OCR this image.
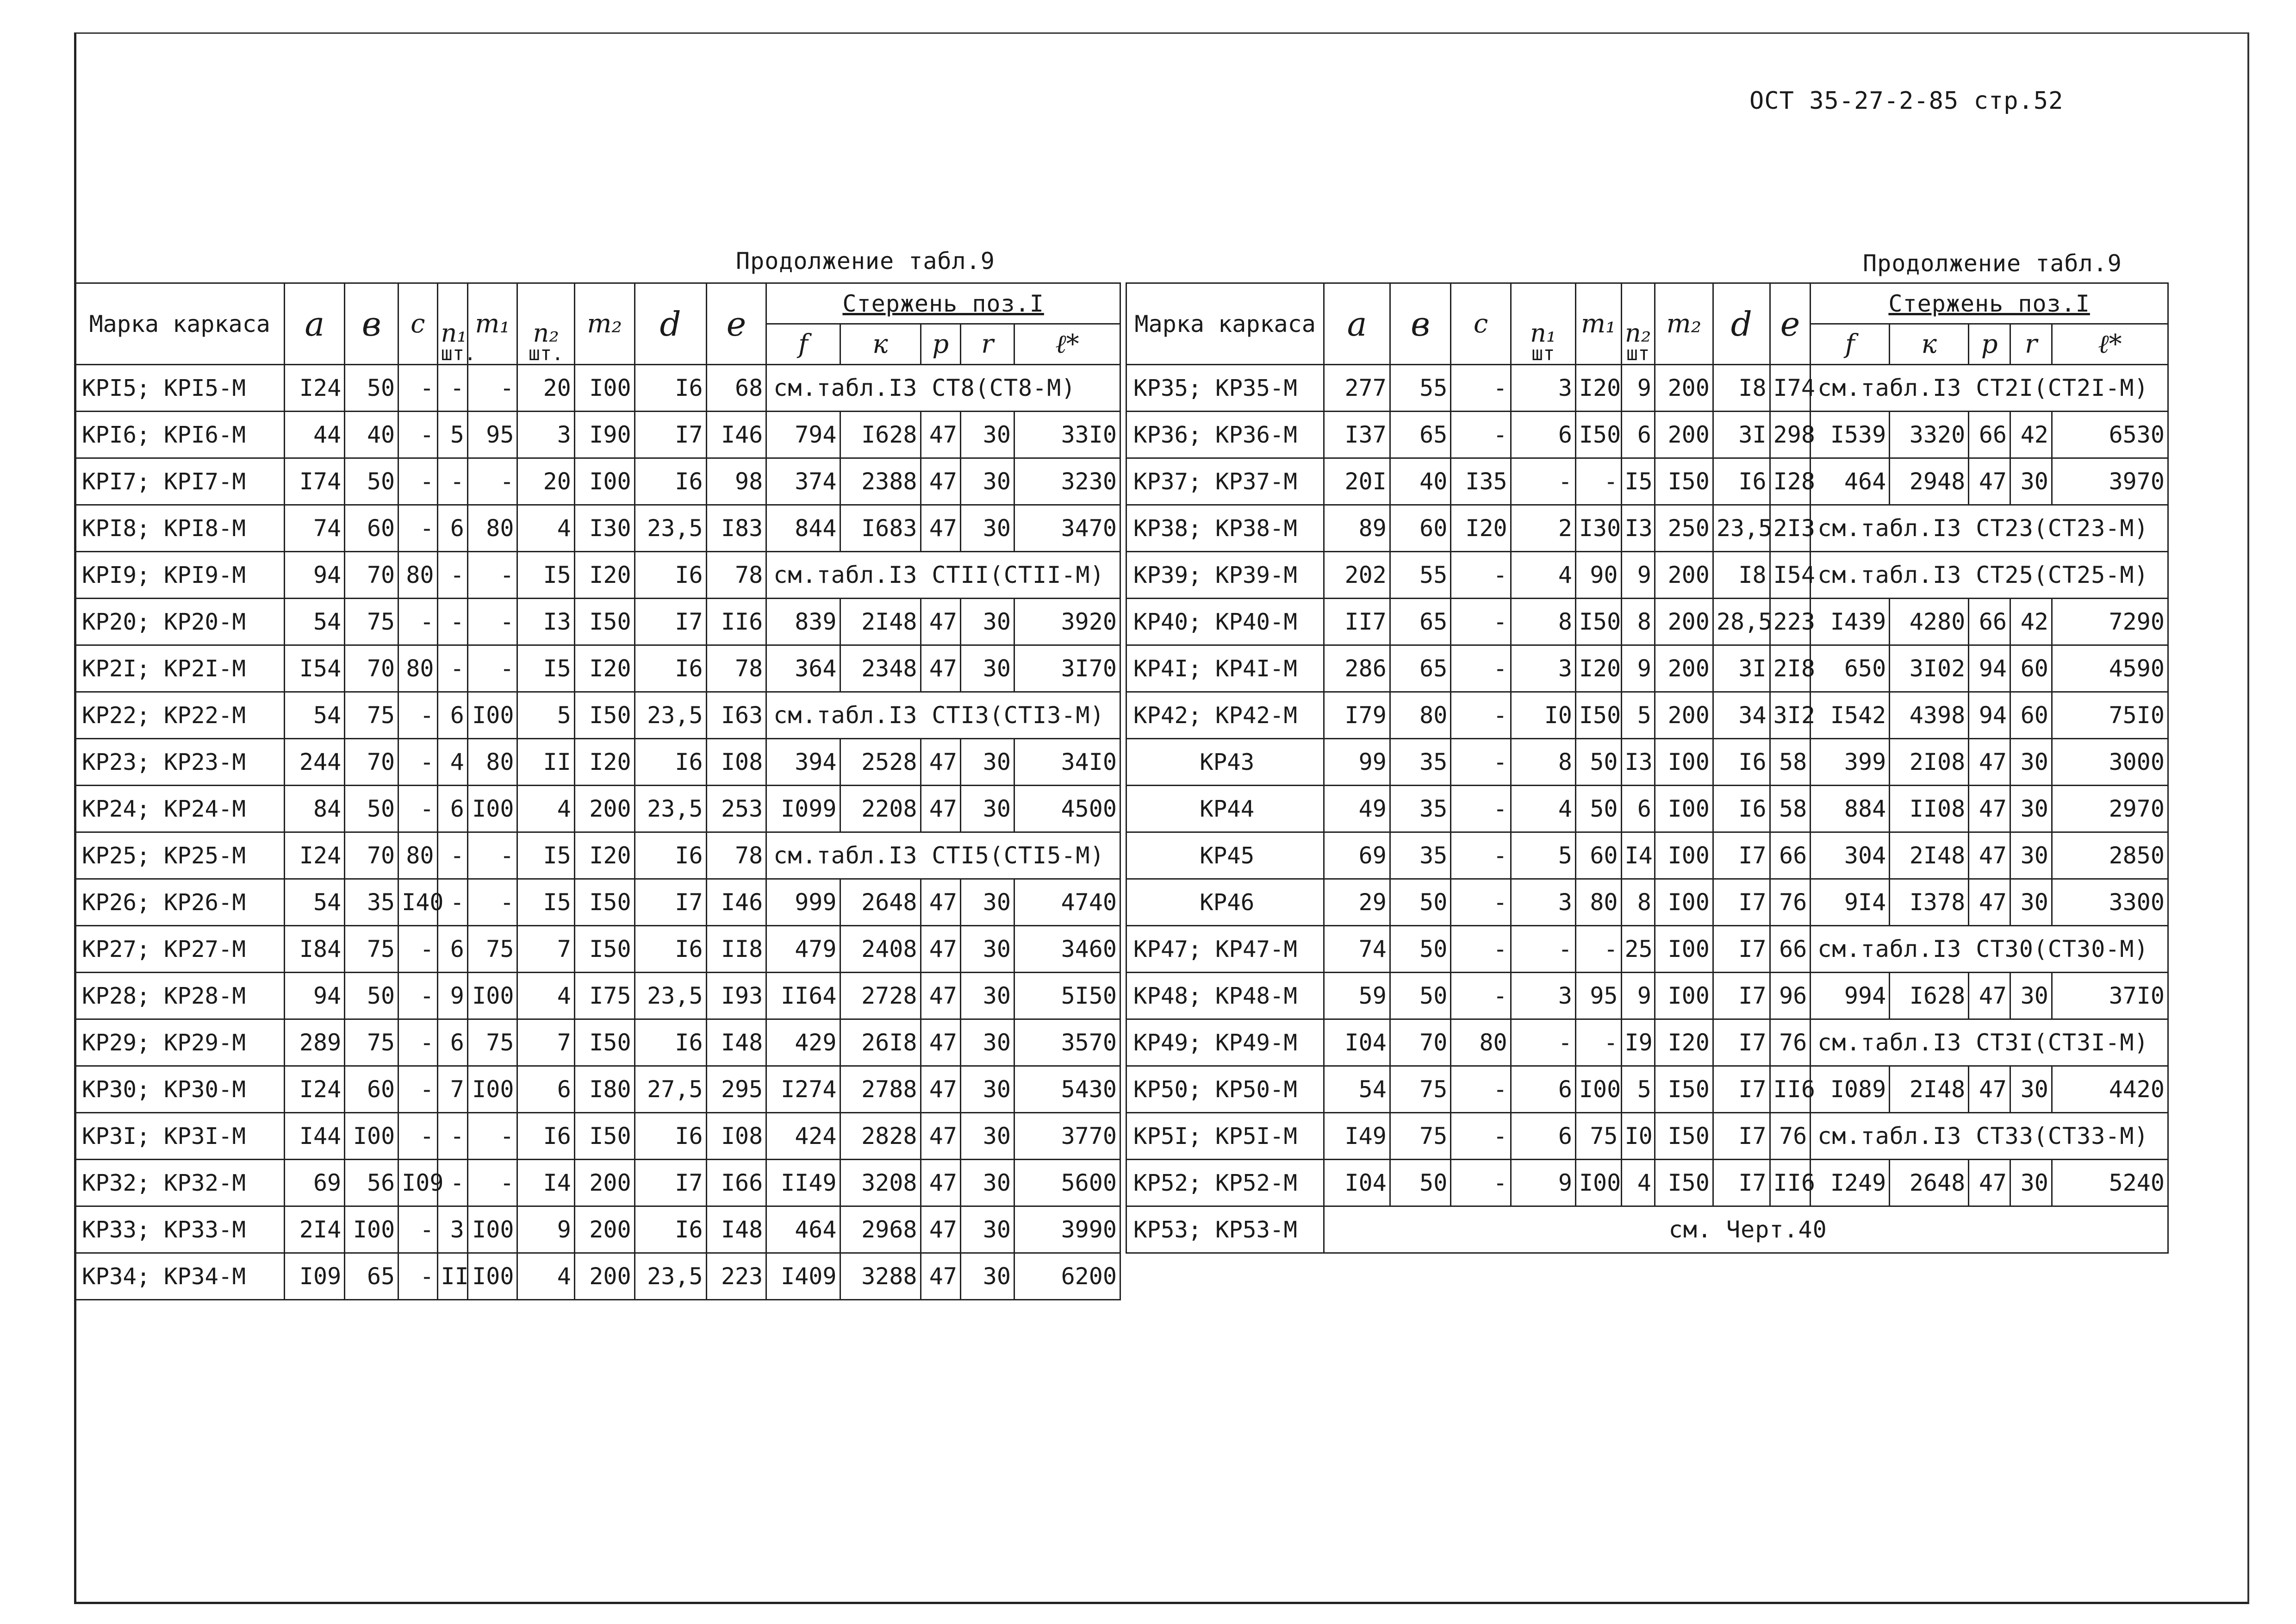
ОСТ 35-27-2-85 стр.52
Продолжение табл.9	Продолжение табл.9
Марка каркаса	a	в	c	n₁
шт.	m₁	n₂
шт.	m₂	d	e	Стержень поз.I				
										f	к	p	r	ℓ*
КРI5; КРI5-М	I24	50	-	-	-	20	I00	I6	68	см.табл.I3 СТ8(СТ8-М)				
КРI6; КРI6-М	44	40	-	5	95	3	I90	I7	I46	794	I628	47	30	33I0
КРI7; КРI7-М	I74	50	-	-	-	20	I00	I6	98	374	2388	47	30	3230
КРI8; КРI8-М	74	60	-	6	80	4	I30	23,5	I83	844	I683	47	30	3470
КРI9; КРI9-М	94	70	80	-	-	I5	I20	I6	78	см.табл.I3 СТII(СТII-М)				
КР20; КР20-М	54	75	-	-	-	I3	I50	I7	II6	839	2I48	47	30	3920
КР2I; КР2I-М	I54	70	80	-	-	I5	I20	I6	78	364	2348	47	30	3I70
КР22; КР22-М	54	75	-	6	I00	5	I50	23,5	I63	см.табл.I3 СТI3(СТI3-М)				
КР23; КР23-М	244	70	-	4	80	II	I20	I6	I08	394	2528	47	30	34I0
КР24; КР24-М	84	50	-	6	I00	4	200	23,5	253	I099	2208	47	30	4500
КР25; КР25-М	I24	70	80	-	-	I5	I20	I6	78	см.табл.I3 СТI5(СТI5-М)				
КР26; КР26-М	54	35	I40	-	-	I5	I50	I7	I46	999	2648	47	30	4740
КР27; КР27-М	I84	75	-	6	75	7	I50	I6	II8	479	2408	47	30	3460
КР28; КР28-М	94	50	-	9	I00	4	I75	23,5	I93	II64	2728	47	30	5I50
КР29; КР29-М	289	75	-	6	75	7	I50	I6	I48	429	26I8	47	30	3570
КР30; КР30-М	I24	60	-	7	I00	6	I80	27,5	295	I274	2788	47	30	5430
КР3I; КР3I-М	I44	I00	-	-	-	I6	I50	I6	I08	424	2828	47	30	3770
КР32; КР32-М	69	56	I09	-	-	I4	200	I7	I66	II49	3208	47	30	5600
КР33; КР33-М	2I4	I00	-	3	I00	9	200	I6	I48	464	2968	47	30	3990
КР34; КР34-М	I09	65	-	II	I00	4	200	23,5	223	I409	3288	47	30	6200
Марка каркаса	a	в	c	n₁
шт	m₁	n₂
шт	m₂	d	e	Стержень поз.I				
										f	к	p	r	ℓ*
КР35; КР35-М	277	55	-	3	I20	9	200	I8	I74	см.табл.I3 СТ2I(СТ2I-М)				
КР36; КР36-М	I37	65	-	6	I50	6	200	3I	298	I539	3320	66	42	6530
КР37; КР37-М	20I	40	I35	-	-	I5	I50	I6	I28	464	2948	47	30	3970
КР38; КР38-М	89	60	I20	2	I30	I3	250	23,5	2I3	см.табл.I3 СТ23(СТ23-М)				
КР39; КР39-М	202	55	-	4	90	9	200	I8	I54	см.табл.I3 СТ25(СТ25-М)				
КР40; КР40-М	II7	65	-	8	I50	8	200	28,5	223	I439	4280	66	42	7290
КР4I; КР4I-М	286	65	-	3	I20	9	200	3I	2I8	650	3I02	94	60	4590
КР42; КР42-М	I79	80	-	I0	I50	5	200	34	3I2	I542	4398	94	60	75I0
КР43	99	35	-	8	50	I3	I00	I6	58	399	2I08	47	30	3000
КР44	49	35	-	4	50	6	I00	I6	58	884	II08	47	30	2970
КР45	69	35	-	5	60	I4	I00	I7	66	304	2I48	47	30	2850
КР46	29	50	-	3	80	8	I00	I7	76	9I4	I378	47	30	3300
КР47; КР47-М	74	50	-	-	-	25	I00	I7	66	см.табл.I3 СТ30(СТ30-М)				
КР48; КР48-М	59	50	-	3	95	9	I00	I7	96	994	I628	47	30	37I0
КР49; КР49-М	I04	70	80	-	-	I9	I20	I7	76	см.табл.I3 СТ3I(СТ3I-М)				
КР50; КР50-М	54	75	-	6	I00	5	I50	I7	II6	I089	2I48	47	30	4420
КР5I; КР5I-М	I49	75	-	6	75	I0	I50	I7	76	см.табл.I3 СТ33(СТ33-М)				
КР52; КР52-М	I04	50	-	9	I00	4	I50	I7	II6	I249	2648	47	30	5240
КР53; КР53-М	см. Черт.40													
